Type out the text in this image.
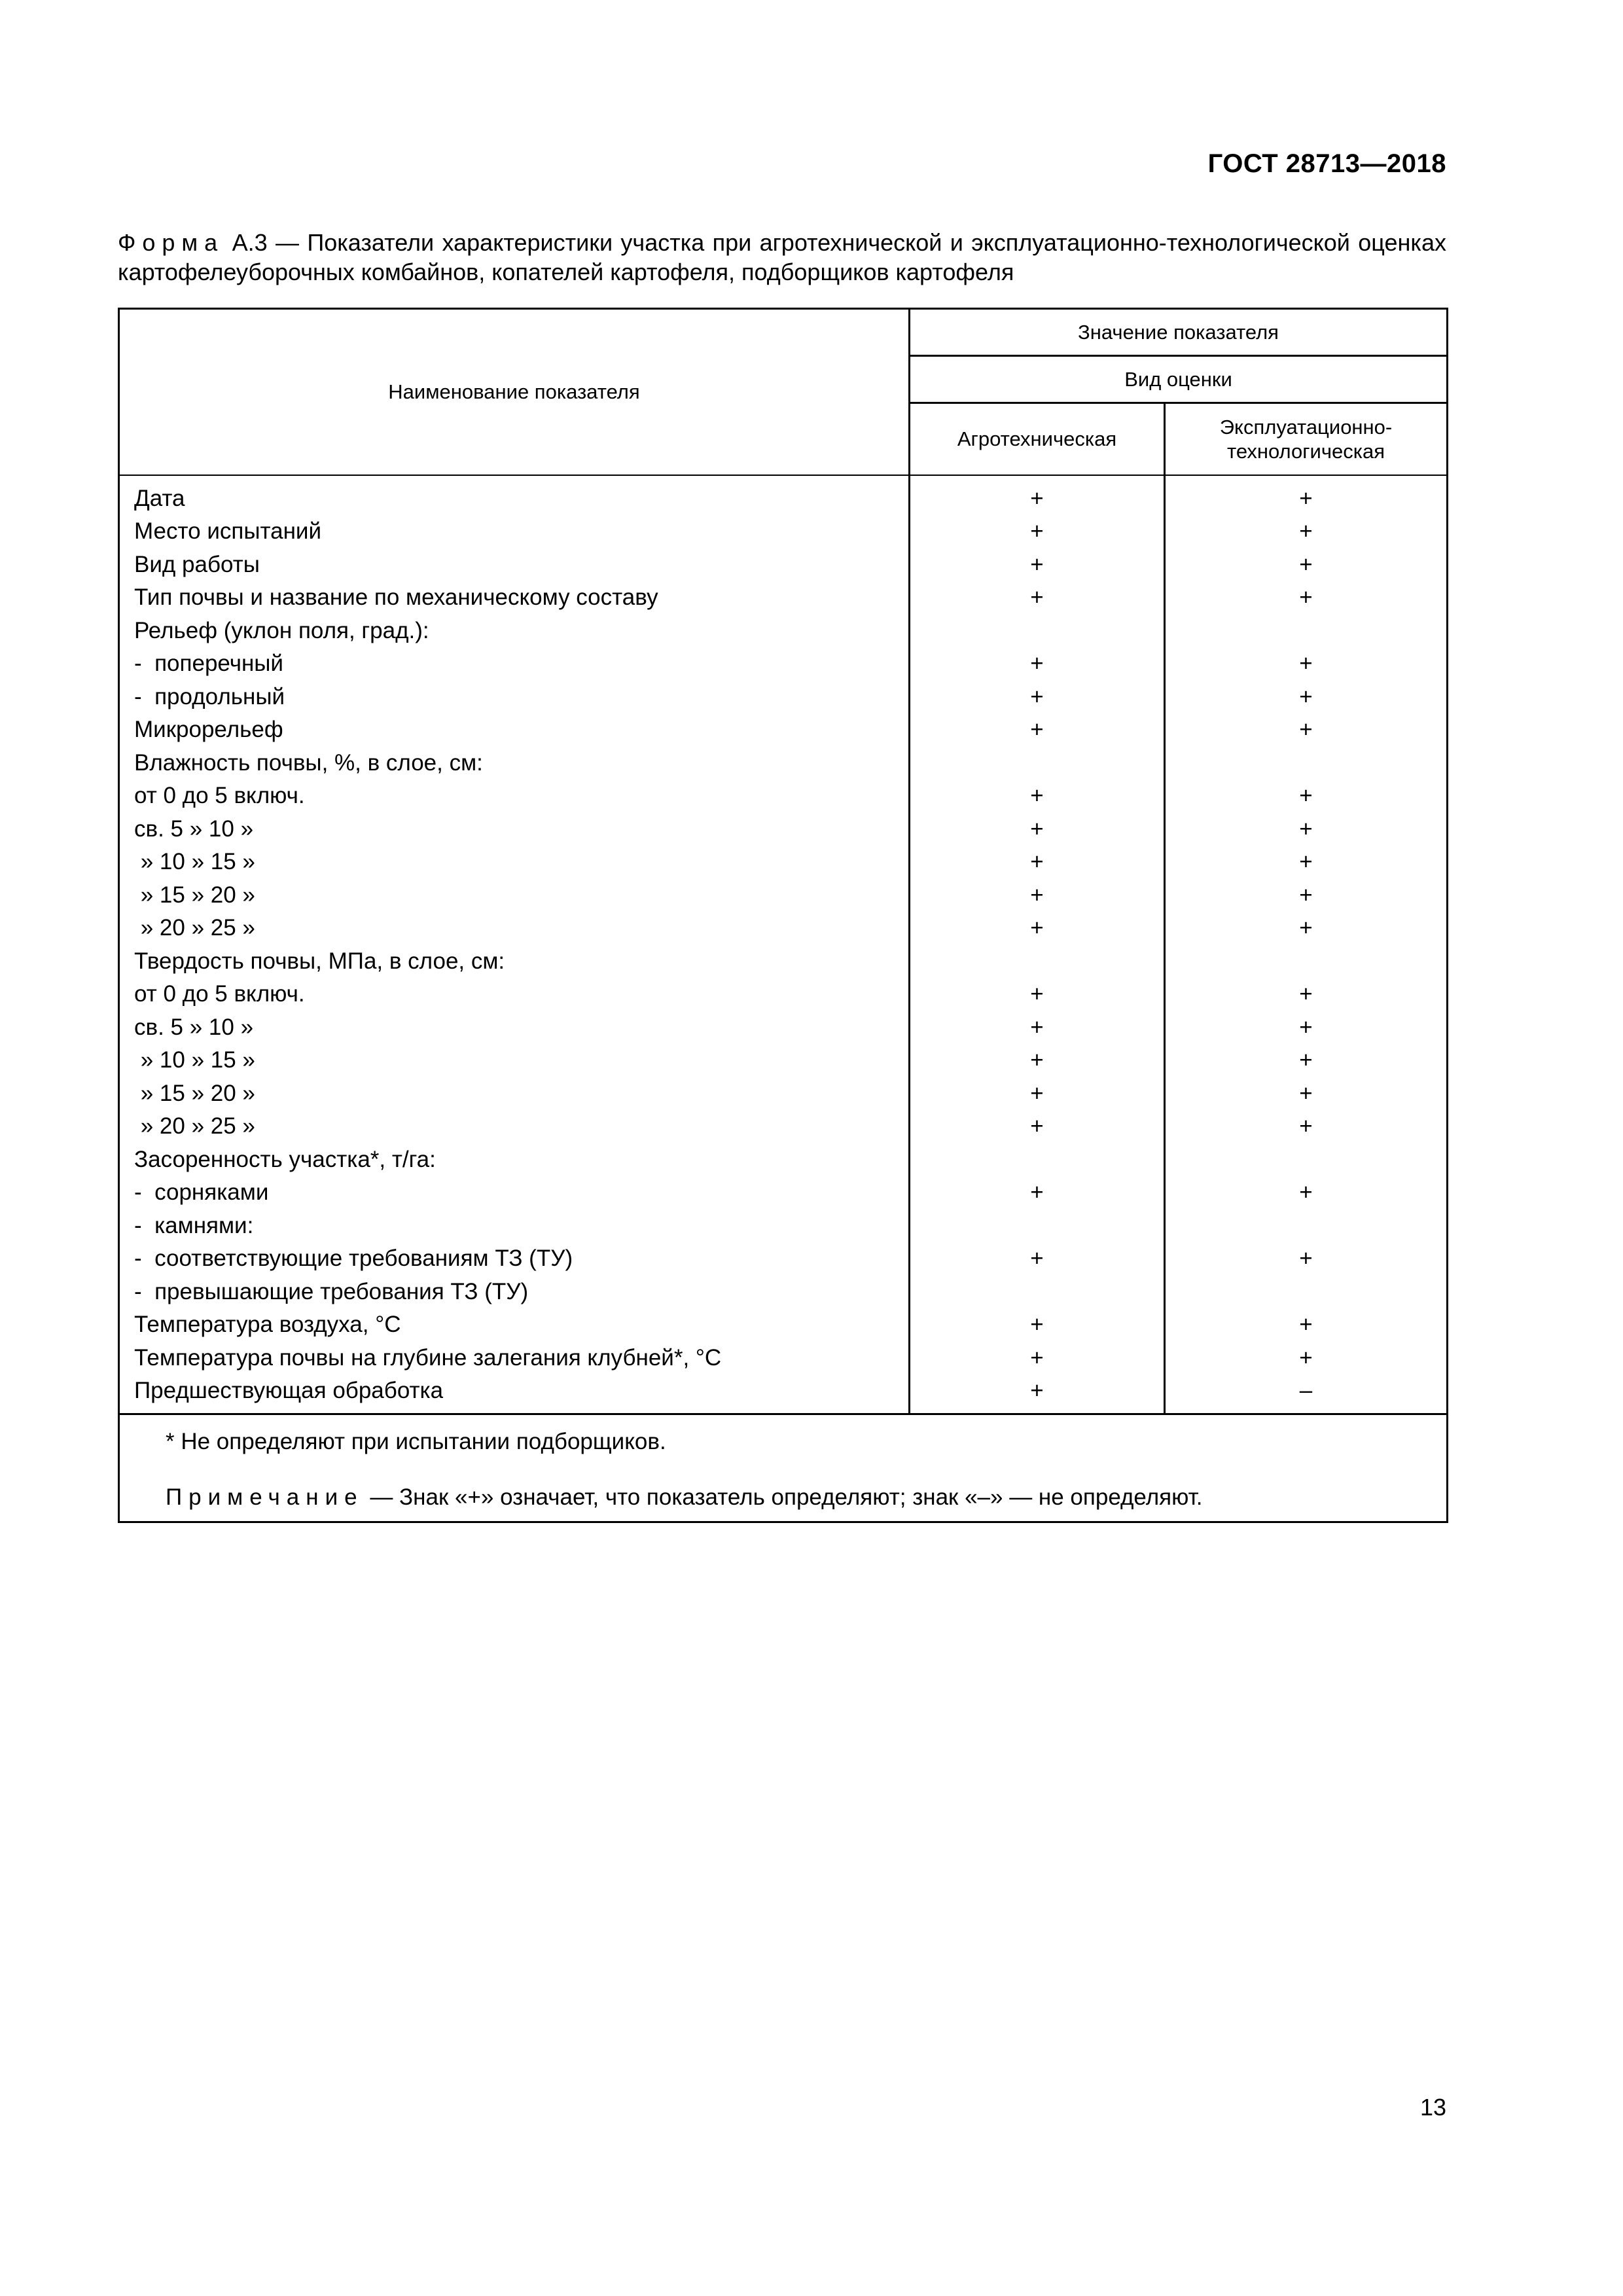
ГОСТ 28713—2018
Форма А.3 — Показатели характеристики участка при агротехнической и эксплуатационно-технологической оценках картофелеуборочных комбайнов, копателей картофеля, подборщиков картофеля
Наименование показателя	Значение показателя	
	Вид оценки	
	Агротехническая	Эксплуатационно-технологическая
Дата	+	+
Место испытаний	+	+
Вид работы	+	+
Тип почвы и название по механическому составу	+	+
Рельеф (уклон поля, град.):		
-  поперечный	+	+
-  продольный	+	+
Микрорельеф	+	+
Влажность почвы, %, в слое, см:		
от 0 до 5 включ.	+	+
св. 5 » 10 »	+	+
» 10 » 15 »	+	+
» 15 » 20 »	+	+
» 20 » 25 »	+	+
Твердость почвы, МПа, в слое, см:		
от 0 до 5 включ.	+	+
св. 5 » 10 »	+	+
» 10 » 15 »	+	+
» 15 » 20 »	+	+
» 20 » 25 »	+	+
Засоренность участка*, т/га:		
-  сорняками	+	+
-  камнями:		
-  соответствующие требованиям ТЗ (ТУ)	+	+
-  превышающие требования ТЗ (ТУ)		
Температура воздуха, °С	+	+
Температура почвы на глубине залегания клубней*, °С	+	+
Предшествующая обработка	+	–

* Не определяют при испытании подборщиков.
Примечание — Знак «+» означает, что показатель определяют; знак «–» — не определяют.		
13
